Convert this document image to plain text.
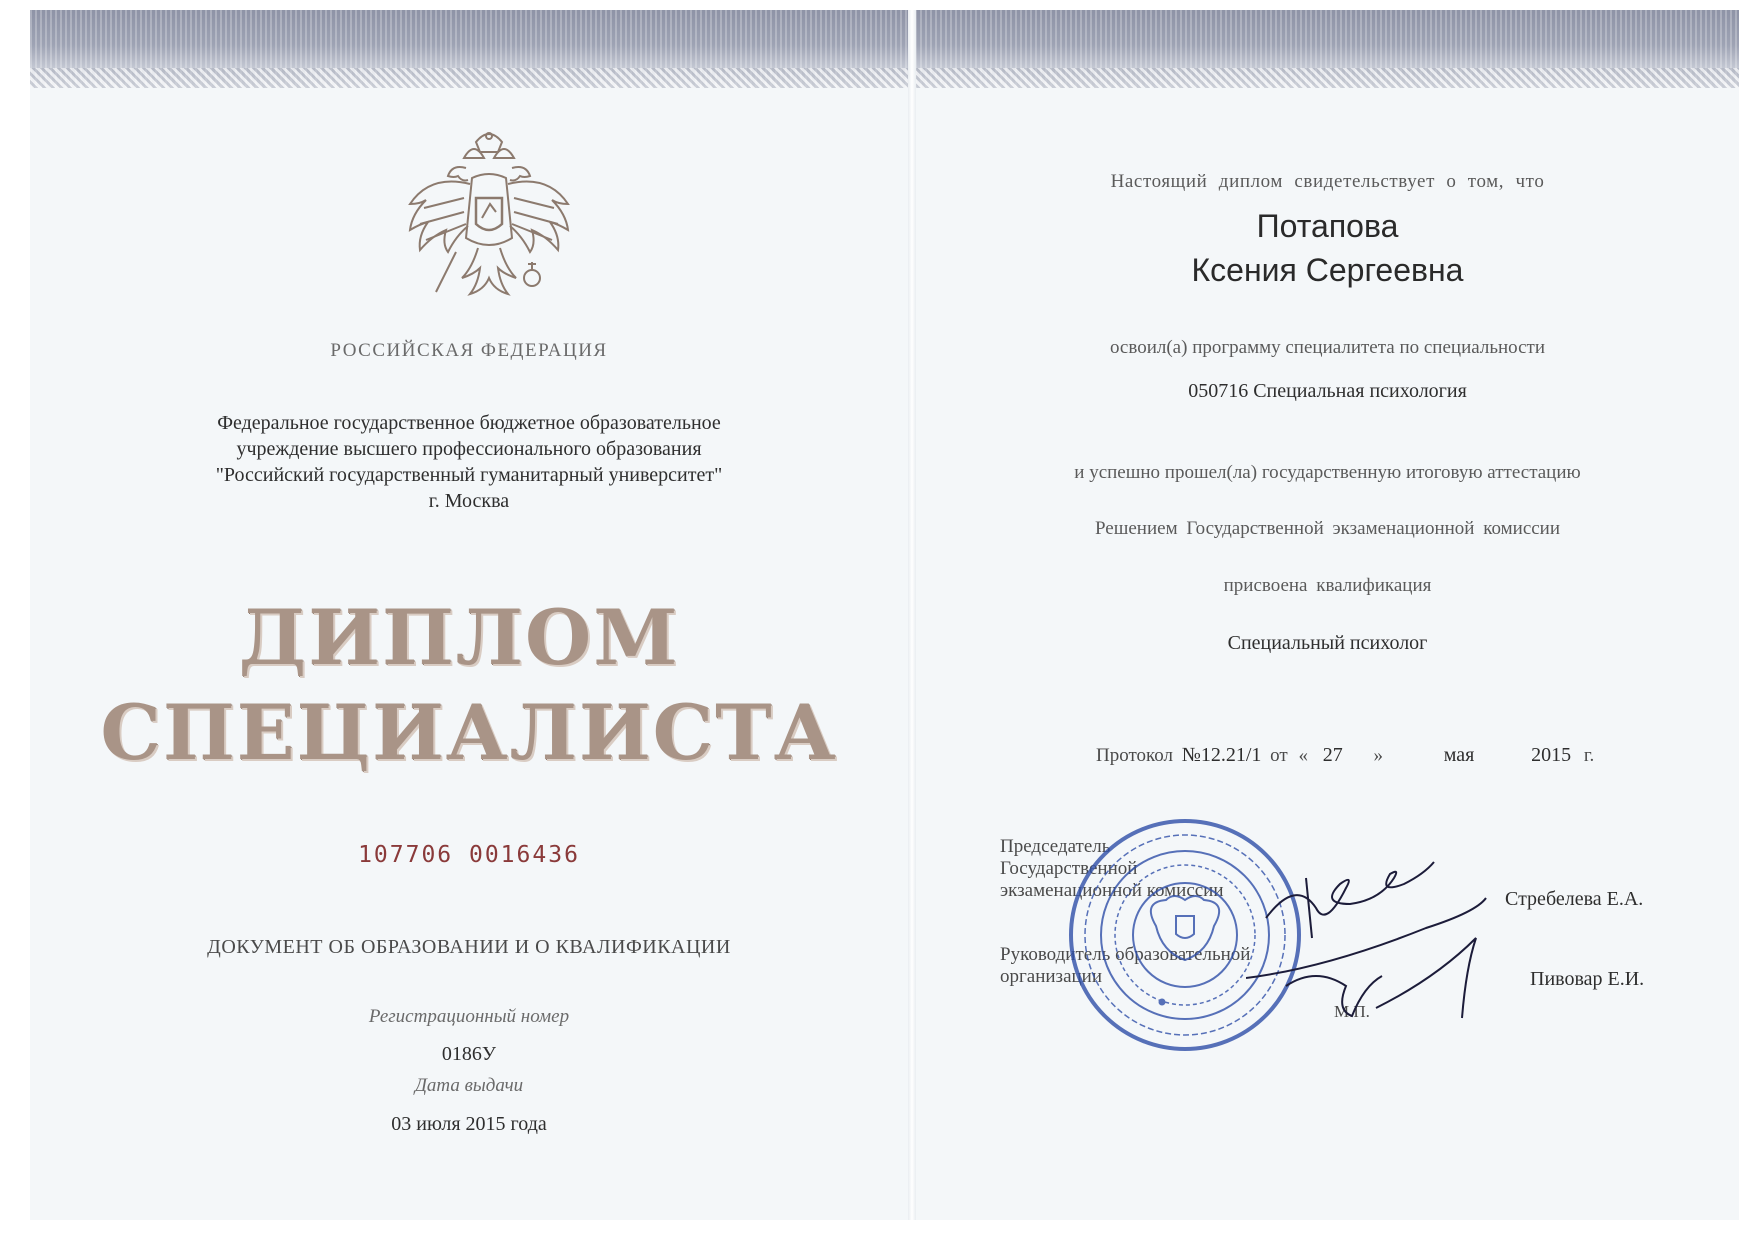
РОССИЙСКАЯ ФЕДЕРАЦИЯ
Федеральное государственное бюджетное образовательное
учреждение высшего профессионального образования
"Российский государственный гуманитарный университет"
г. Москва
ДИПЛОМ
СПЕЦИАЛИСТА
107706 0016436
ДОКУМЕНТ ОБ ОБРАЗОВАНИИ И О КВАЛИФИКАЦИИ
Регистрационный номер
0186У
Дата выдачи
03 июля 2015 года
Настоящий диплом свидетельствует о том, что
Потапова
Ксения Сергеевна
освоил(а) программу специалитета по специальности
050716 Специальная психология
и успешно прошел(ла) государственную итоговую аттестацию
Решением Государственной экзаменационной комиссии
присвоена квалификация
Специальный психолог
Протокол №12.21/1 от « 27 »	мая	2015 г.
Председатель
Государственной
экзаменационной комиссии	Стребелева Е.А.
Руководитель образовательной
организации	Пивовар Е.И.
М.П.
